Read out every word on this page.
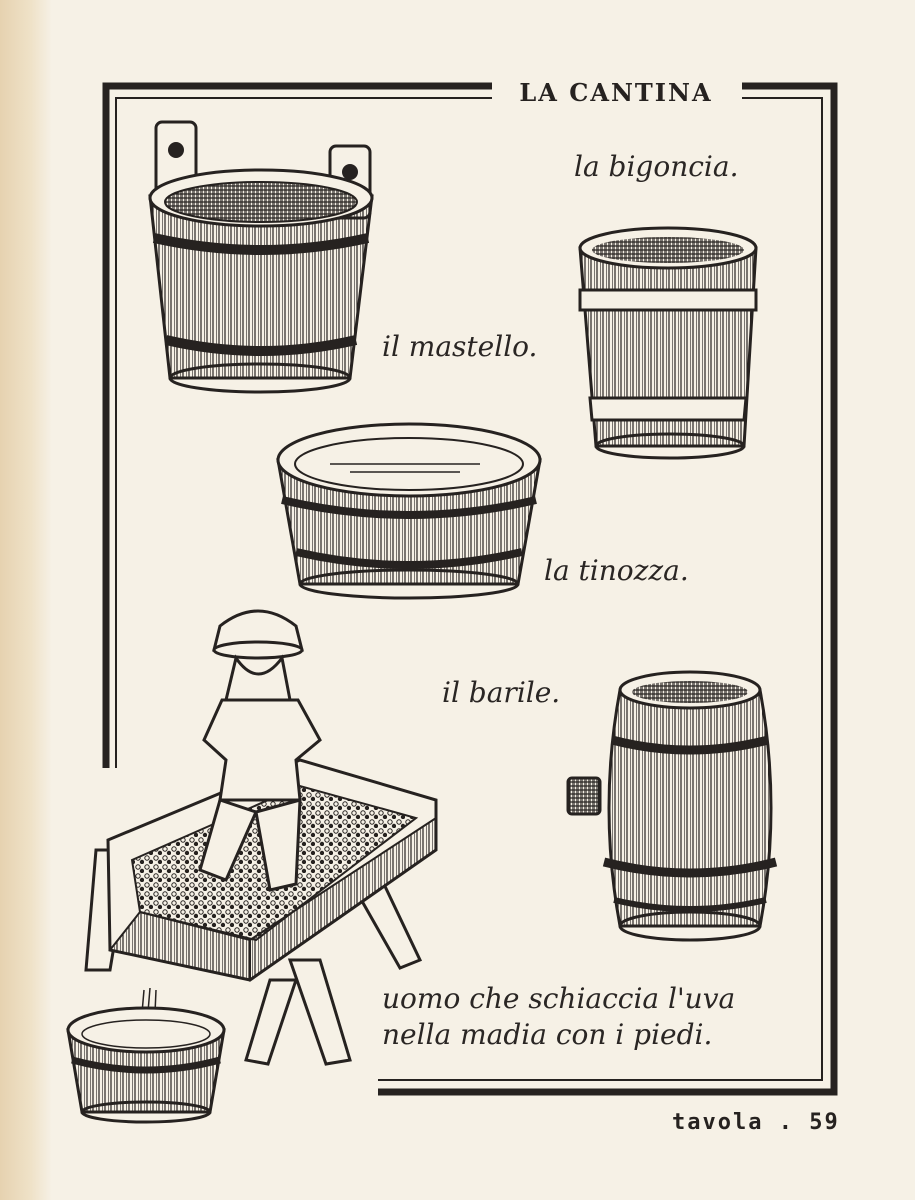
LA CANTINA
la bigoncia.
il mastello.
la tinozza.
il barile.
uomo che schiaccia l'uva
nella madia con i piedi.
tavola . 59
